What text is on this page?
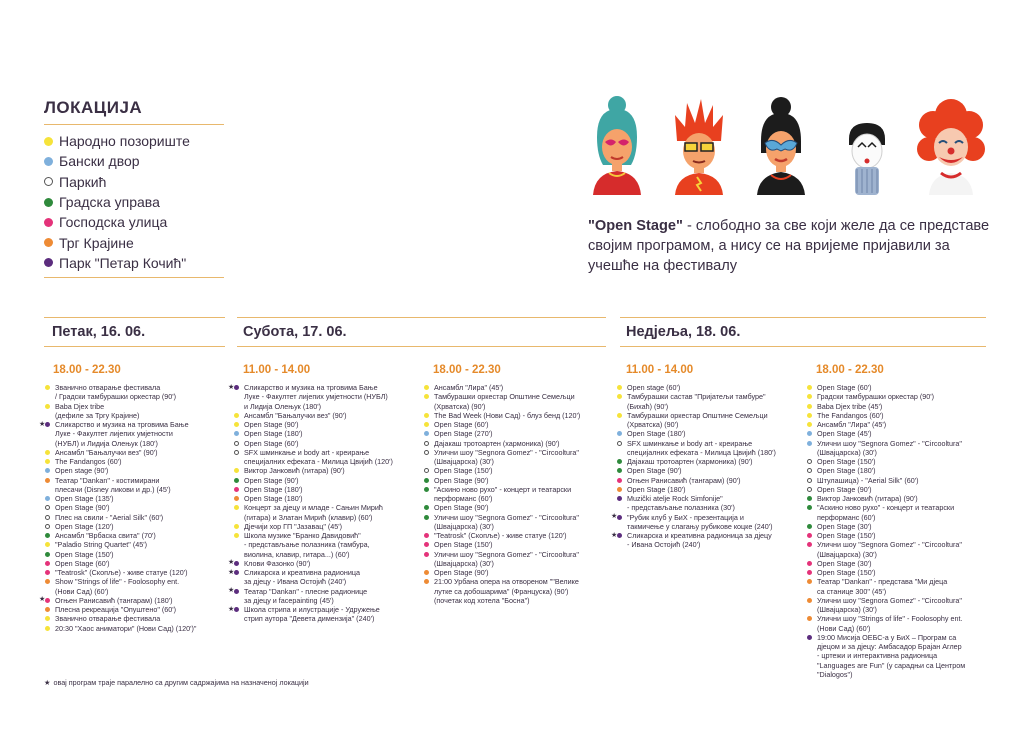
ЛОКАЦИЈА
Народно позориште
Бански двор
Паркић
Градска управа
Господска улица
Трг Крајине
Парк "Петар Кочић"

"Open Stage" - слободно за све који желе да се представе својим програмом, а нису се на вријеме пријавили за учешће на фестивалу

Петак, 16. 06.	Субота, 17. 06.	Недјеља, 18. 06.
18.00 - 22.30	11.00 - 14.00	18.00 - 22.30	11.00 - 14.00	18.00 - 22.30
Званично отварање фестивала
/ Градски тамбурашки оркестар (90')
Baba Djex tribe
(дефиле за Тргу Крајине)
★ Сликарство и музика на трговима Бање
Луке - Факултет лијепих умјетности
(НУБЛ) и Лидија Олењук (180')
Ансамбл "Бањалучки вез" (90')
The Fandangos (60')
Open stage (90')
Театар "Dankan" - костимирани
плесачи (Disney ликови и др.) (45')
Open Stage (135')
Open Stage (90')
Плес на свили - "Aerial Silk" (60')
Open Stage (120')
Ансамбл "Врбаска свита" (70')
"Paladio String Quartet" (45')
Open Stage (150')
Open Stage (60')
"Teatrosk" (Скопље) - живе статуе (120')
Show "Strings of life" - Foolosophy ent.
(Нови Сад) (60')
★ Огњен Ранисавић (тангарам) (180')
Плесна рекреација "Опуштено" (60')
Званично отварање фестивала
20:30 "Хаос аниматори" (Нови Сад) (120')"
★ Сликарство и музика на трговима Бање
Луке - Факултет лијепих умјетности (НУБЛ)
и Лидија Олењук (180')
Ансамбл "Бањалучки вез" (90')
Open Stage (90')
Open Stage (180')
Open Stage (60')
SFX шминкање и body art - креирање
специјалних ефеката - Милица Цвијић (120')
Виктор Јанковић (гитара) (90')
Open Stage (90')
Open Stage (180')
Open Stage (180')
Концерт за дјецу и младе - Сањин Мирић
(гитара) и Златан Мирић (клавир) (60')
Дјечији хор ГП "Јазавац" (45')
Школа музике "Бранко Давидовић"
- представљање полазника (тамбура,
виолина, клавир, гитара...) (60')
★ Клови Фазонко (90')
★ Сликарска и креативна радионица
за дјецу - Ивана Остојић (240')
★ Театар "Dankan" - плесне радионице
за дјецу и facepainting (45')
★ Школа стрипа и илустрације - Удружење
стрип аутора "Девета димензија" (240')
Ансамбл "Лира" (45')
Тамбурашки оркестар Општине Семељци
(Хрватска) (90')
The Bad Week (Нови Сад) - блуз бенд (120')
Open Stage (60')
Open Stage (270')
Дајакаш тротоартен (хармоника) (90')
Улични шоу "Segnora Gomez" - "Circooltura"
(Швајцарска) (30')
Open Stage (150')
Open Stage (90')
"Аскино ново рухо" - концерт и театарски
перформанс (60')
Open Stage (90')
Улични шоу "Segnora Gomez" - "Circooltura"
(Швајцарска) (30')
"Teatrosk" (Скопље) - живе статуе (120')
Open Stage (150')
Улични шоу "Segnora Gomez" - "Circooltura"
(Швајцарска) (30')
Open Stage (90')
21:00 Урбана опера на отвореном ""Велике
лутке са добошарима" (Француска) (90')
(почетак код хотела "Босна")
Open stage (60')
Тамбурашки састав "Пријатељи тамбуре"
(Бихаћ) (90')
Тамбурашки оркестар Општине Семељци
(Хрватска) (90')
Open Stage (180')
SFX шминкање и body art - креирање
специјалних ефеката - Милица Цвијић (180')
Дајакаш тротоартен (хармоника) (90')
Open Stage (90')
Огњен Ранисавић (тангарам) (90')
Open Stage (180')
Muzički atelje Rock Simfonije"
- представљање полазника (30')
★ "Рубик клуб у БиХ - презентација и
такмичење у слагању рубикове коцке (240')
★ Сликарска и креативна радионица за дјецу
- Ивана Остојић (240')
Open Stage (60')
Градски тамбурашки оркестар (90')
Baba Djex tribe (45')
The Fandangos (60')
Ансамбл "Лира" (45')
Open Stage (45')
Улични шоу "Segnora Gomez" - "Circooltura"
(Швајцарска) (30')
Open Stage (150')
Open Stage (180')
Штулашица) - "Aerial Silk" (60')
Open Stage (90')
Виктор Јанковић (гитара) (90')
"Аскино ново рухо" - концерт и театарски
перформанс (60')
Open Stage (30')
Open Stage (150')
Улични шоу "Segnora Gomez" - "Circooltura"
(Швајцарска) (30')
Open Stage (30')
Open Stage (150')
Театар "Dankan" - представа "Ми дјеца
са станице 300" (45')
Улични шоу "Segnora Gomez" - "Circooltura"
(Швајцарска) (30')
Улични шоу "Strings of life" - Foolosophy ent.
(Нови Сад) (60')
19:00 Мисија ОЕБС-а у БиХ – Програм са
дјецом и за дјецу: Амбасадор Брајан Аглер
- цртежи и интерактивна радионица
"Languages are Fun" (у сарадњи са Центром
"Dialogos")
★ овај програм траје паралелно са другим садржајима на назначеној локацији
